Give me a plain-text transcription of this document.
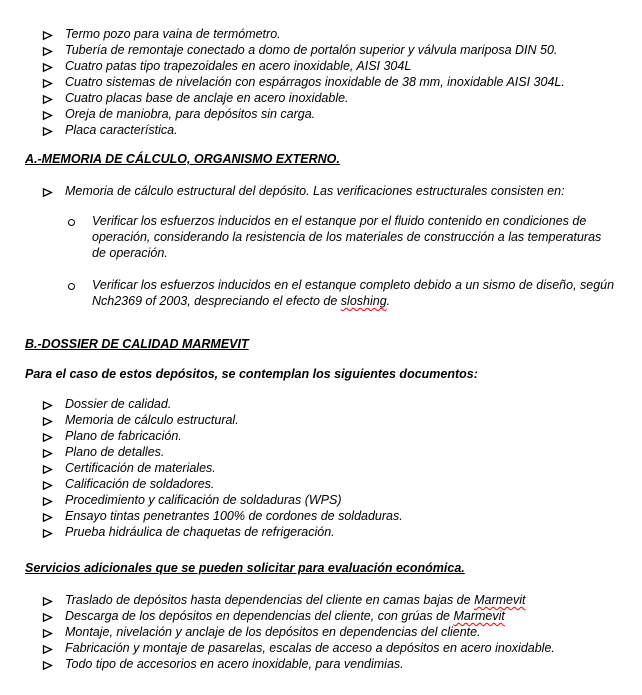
Termo pozo para vaina de termómetro.
Tubería de remontaje conectado a domo de portalón superior y válvula mariposa DIN 50.
Cuatro patas tipo trapezoidales en acero inoxidable, AISI 304L
Cuatro sistemas de nivelación con espárragos inoxidable de 38 mm, inoxidable AISI 304L.
Cuatro placas base de anclaje en acero inoxidable.
Oreja de maniobra, para depósitos sin carga.
Placa característica.
A.-MEMORIA DE CÁLCULO, ORGANISMO EXTERNO.
Memoria de cálculo estructural del depósito. Las verificaciones estructurales consisten en:
Verificar los esfuerzos inducidos en el estanque por el fluido contenido en condiciones de
operación, considerando la resistencia de los materiales de construcción a las temperaturas
de operación.
Verificar los esfuerzos inducidos en el estanque completo debido a un sismo de diseño, según
Nch2369 of 2003, despreciando el efecto de sloshing.
B.-DOSSIER DE CALIDAD MARMEVIT
Para el caso de estos depósitos, se contemplan los siguientes documentos:
Dossier de calidad.
Memoria de cálculo estructural.
Plano de fabricación.
Plano de detalles.
Certificación de materiales.
Calificación de soldadores.
Procedimiento y calificación de soldaduras (WPS)
Ensayo tintas penetrantes 100% de cordones de soldaduras.
Prueba hidráulica de chaquetas de refrigeración.
Servicios adicionales que se pueden solicitar para evaluación económica.
Traslado de depósitos hasta dependencias del cliente en camas bajas de Marmevit
Descarga de los depósitos en dependencias del cliente, con grúas de Marmevit
Montaje, nivelación y anclaje de los depósitos en dependencias del cliente.
Fabricación y montaje de pasarelas, escalas de acceso a depósitos en acero inoxidable.
Todo tipo de accesorios en acero inoxidable, para vendimias.
